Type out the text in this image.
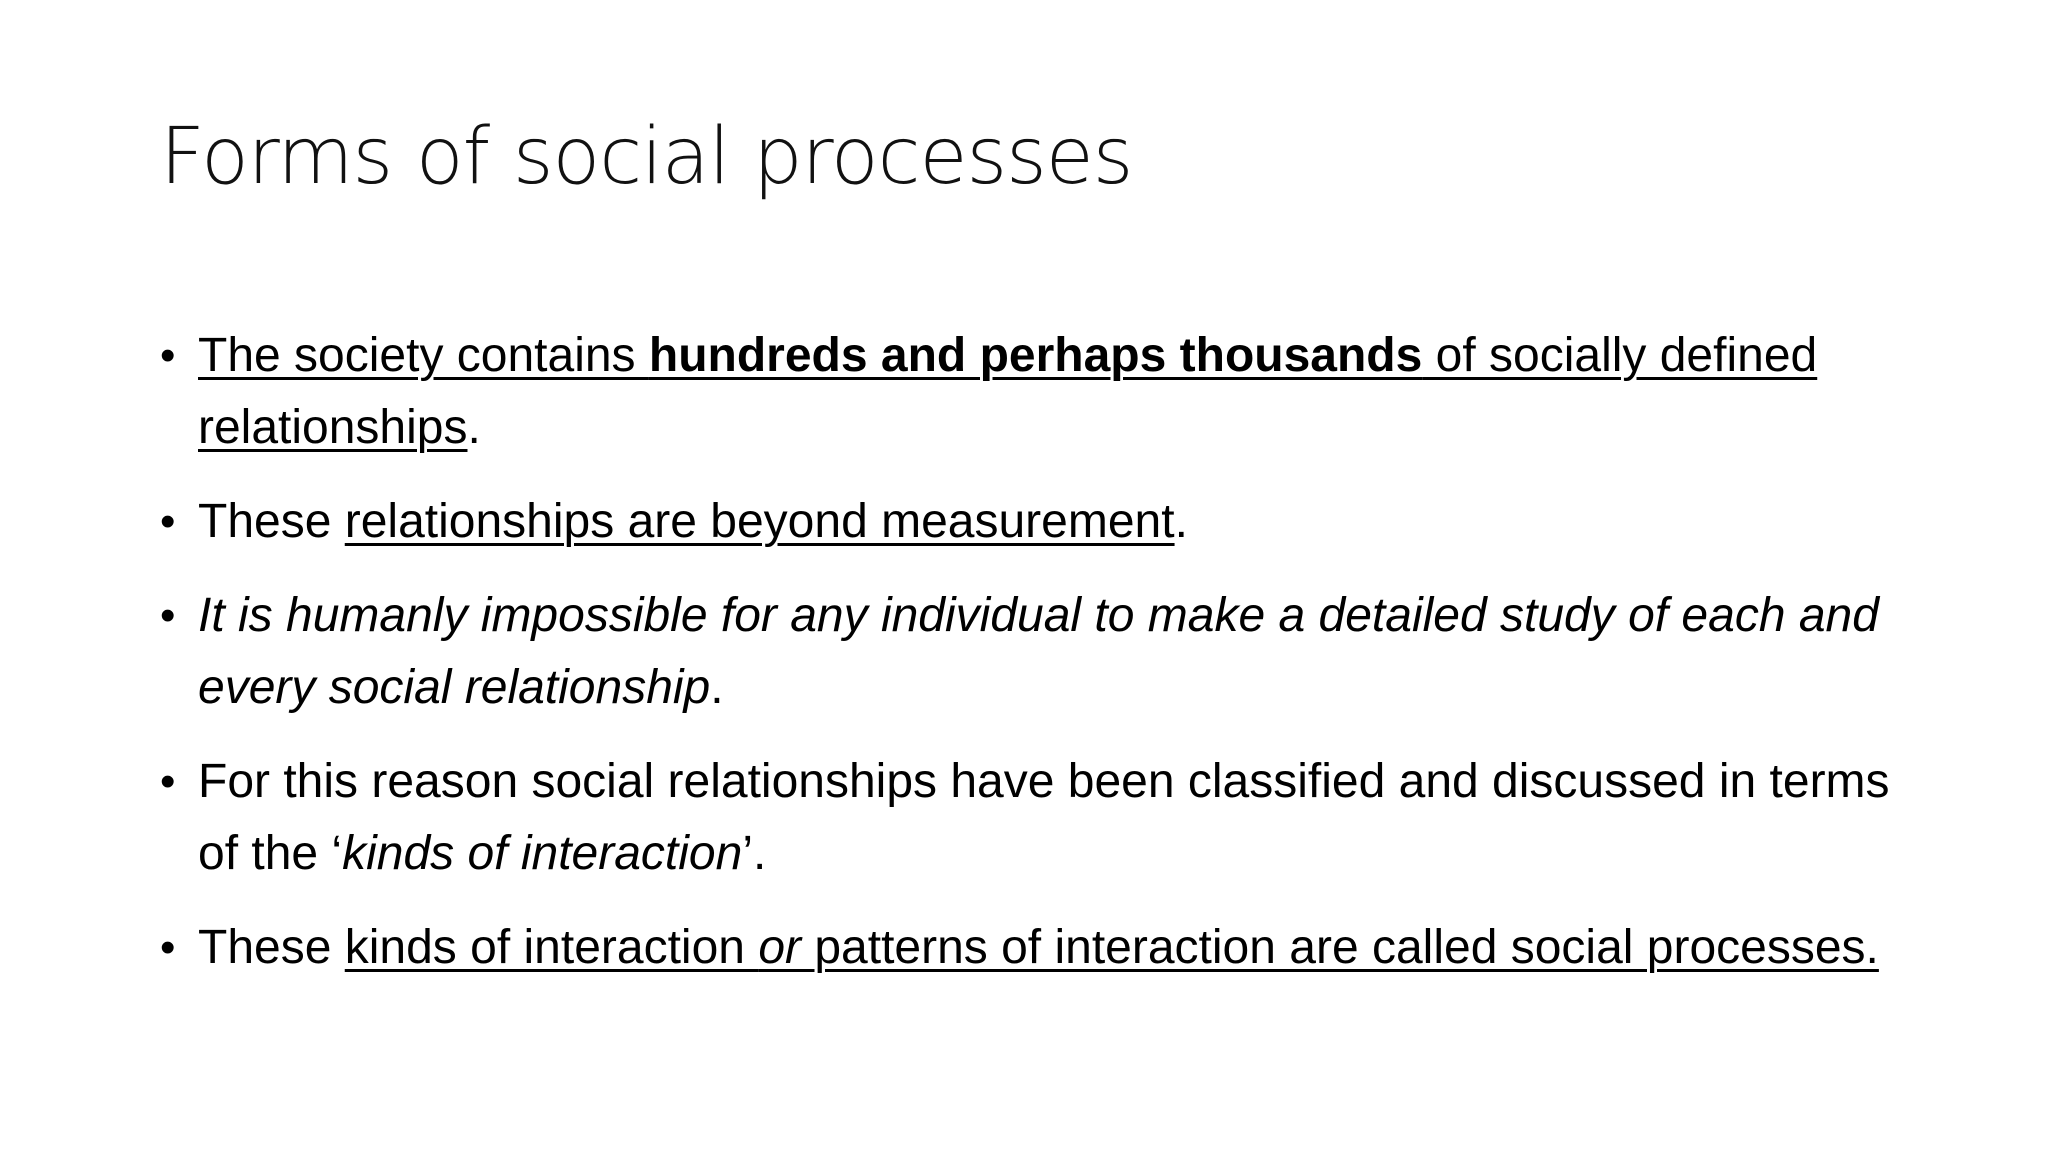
Forms of social processes
• The society contains hundreds and perhaps thousands of socially defined relationships.
• These relationships are beyond measurement.
• It is humanly impossible for any individual to make a detailed study of each and every social relationship.
• For this reason social relationships have been classified and discussed in terms of the ‘kinds of interaction’.
• These kinds of interaction or patterns of interaction are called social processes.
